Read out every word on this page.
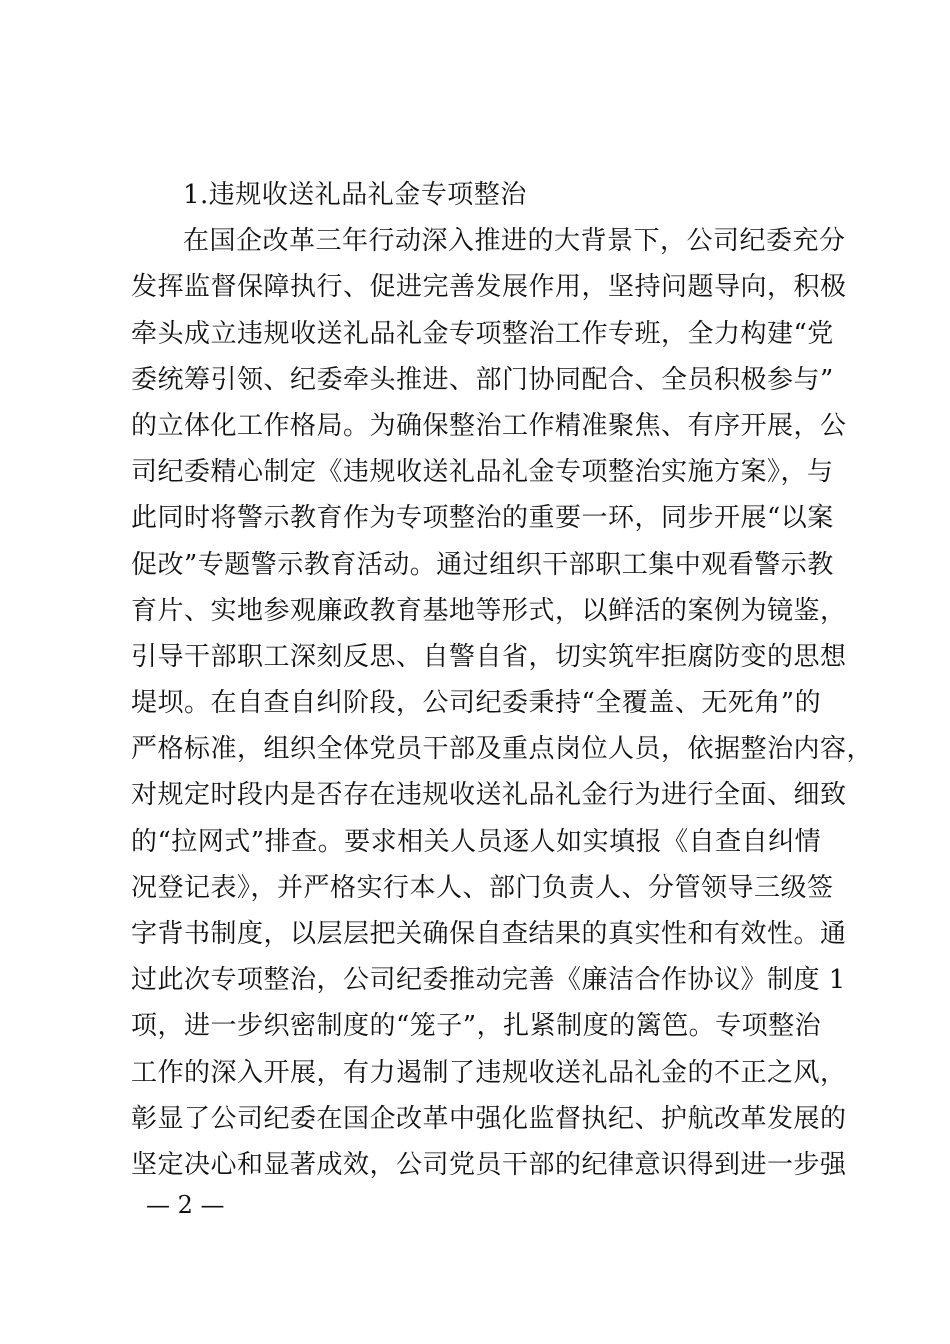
1.违规收送礼品礼金专项整治
在国企改革三年行动深入推进的大背景下，公司纪委充分
发挥监督保障执行、促进完善发展作用，坚持问题导向，积极
牵头成立违规收送礼品礼金专项整治工作专班，全力构建“党
委统筹引领、纪委牵头推进、部门协同配合、全员积极参与”
的立体化工作格局。为确保整治工作精准聚焦、有序开展，公
司纪委精心制定《违规收送礼品礼金专项整治实施方案》，与
此同时将警示教育作为专项整治的重要一环，同步开展“以案
促改”专题警示教育活动。通过组织干部职工集中观看警示教
育片、实地参观廉政教育基地等形式，以鲜活的案例为镜鉴，
引导干部职工深刻反思、自警自省，切实筑牢拒腐防变的思想
堤坝。在自查自纠阶段，公司纪委秉持“全覆盖、无死角”的
严格标准，组织全体党员干部及重点岗位人员，依据整治内容，
对规定时段内是否存在违规收送礼品礼金行为进行全面、细致
的“拉网式”排查。要求相关人员逐人如实填报《自查自纠情
况登记表》，并严格实行本人、部门负责人、分管领导三级签
字背书制度，以层层把关确保自查结果的真实性和有效性。通
过此次专项整治，公司纪委推动完善《廉洁合作协议》制度 1
项，进一步织密制度的“笼子”，扎紧制度的篱笆。专项整治
工作的深入开展，有力遏制了违规收送礼品礼金的不正之风，
彰显了公司纪委在国企改革中强化监督执纪、护航改革发展的
坚定决心和显著成效，公司党员干部的纪律意识得到进一步强
— 2 —
